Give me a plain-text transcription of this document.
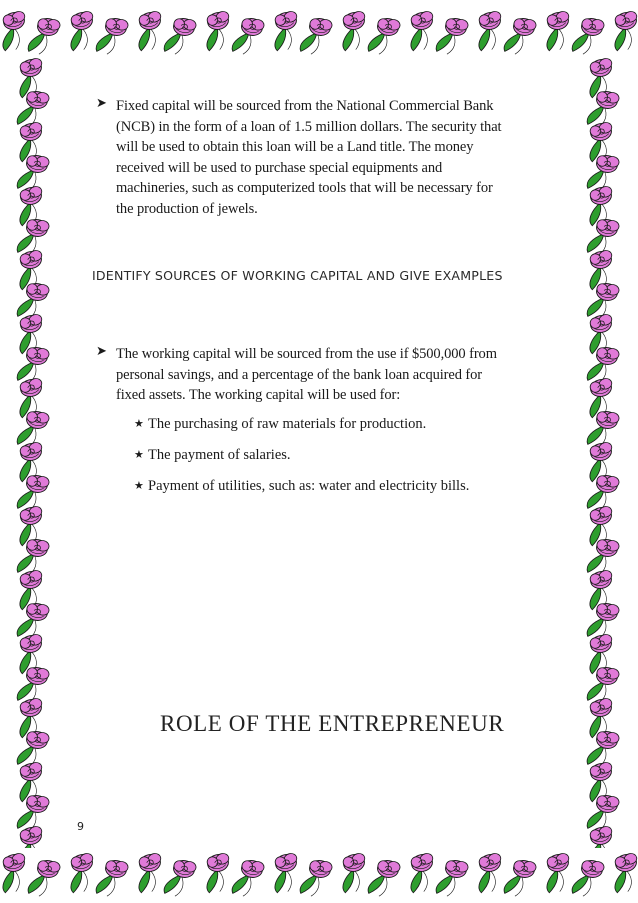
➤ Fixed capital will be sourced from the National Commercial Bank
(NCB) in the form of a loan of 1.5 million dollars. The security that
will be used to obtain this loan will be a Land title. The money
received will be used to purchase special equipments and
machineries, such as computerized tools that will be necessary for
the production of jewels.
IDENTIFY SOURCES OF WORKING CAPITAL AND GIVE EXAMPLES
➤ The working capital will be sourced from the use if $500,000 from
personal savings, and a percentage of the bank loan acquired for
fixed assets. The working capital will be used for:
★ The purchasing of raw materials for production.
★ The payment of salaries.
★ Payment of utilities, such as: water and electricity bills.
ROLE OF THE ENTREPRENEUR
9
